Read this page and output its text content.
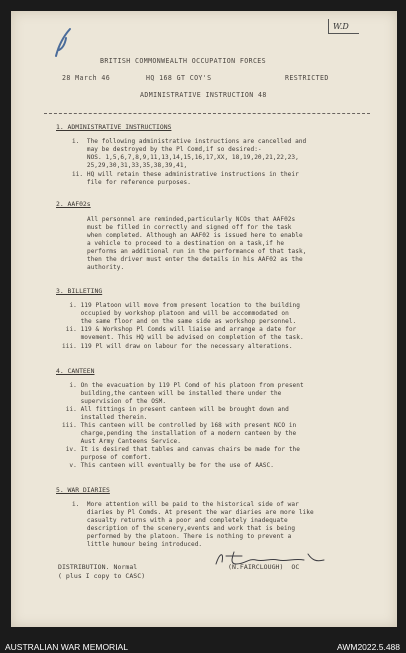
W.D
BRITISH COMMONWEALTH OCCUPATION FORCES
28 March 46	HQ 168 GT COY'S	RESTRICTED
ADMINISTRATIVE INSTRUCTION 48
1. ADMINISTRATIVE INSTRUCTIONS
i.  The following administrative instructions are cancelled and
may be destroyed by the Pl Comd,if so desired:-
NOS. 1,5,6,7,8,9,11,13,14,15,16,17,XX, 18,19,20,21,22,23,
25,29,30,31,33,35,38,39,41,
ii. HQ will retain these administrative instructions in their
file for reference purposes.
2. AAF02s
All personnel are reminded,particularly NCOs that AAF02s
must be filled in correctly and signed off for the task
when completed. Although an AAF02 is issued here to enable
a vehicle to proceed to a destination on a task,if he
performs an additional run in the performance of that task,
then the driver must enter the details in his AAF02 as the
authority.
3. BILLETING
i. 119 Platoon will move from present location to the building
occupied by workshop platoon and will be accommodated on
the same floor and on the same side as workshop personnel.
ii. 119 & Workshop Pl Comds will liaise and arrange a date for
movement. This HQ will be advised on completion of the task.
iii. 119 Pl will draw on labour for the necessary alterations.
4. CANTEEN
i. On the evacuation by 119 Pl Comd of his platoon from present
building,the canteen will be installed there under the
supervision of the OSM.
ii. All fittings in present canteen will be brought down and
installed therein.
iii. This canteen will be controlled by 168 with present NCO in
charge,pending the installation of a modern canteen by the
Aust Army Canteens Service.
iv. It is desired that tables and canvas chairs be made for the
purpose of comfort.
v. This canteen will eventually be for the use of AASC.
5. WAR DIARIES
i.  More attention will be paid to the historical side of war
diaries by Pl Comds. At present the war diaries are more like
casualty returns with a poor and completely inadequate
description of the scenery,events and work that is being
performed by the platoon. There is nothing to prevent a
little humour being introduced.
DISTRIBUTION. Normal
( plus I copy to CASC)
(N.FAIRCLOUGH)  OC
AUSTRALIAN WAR MEMORIAL	AWM2022.5.488
